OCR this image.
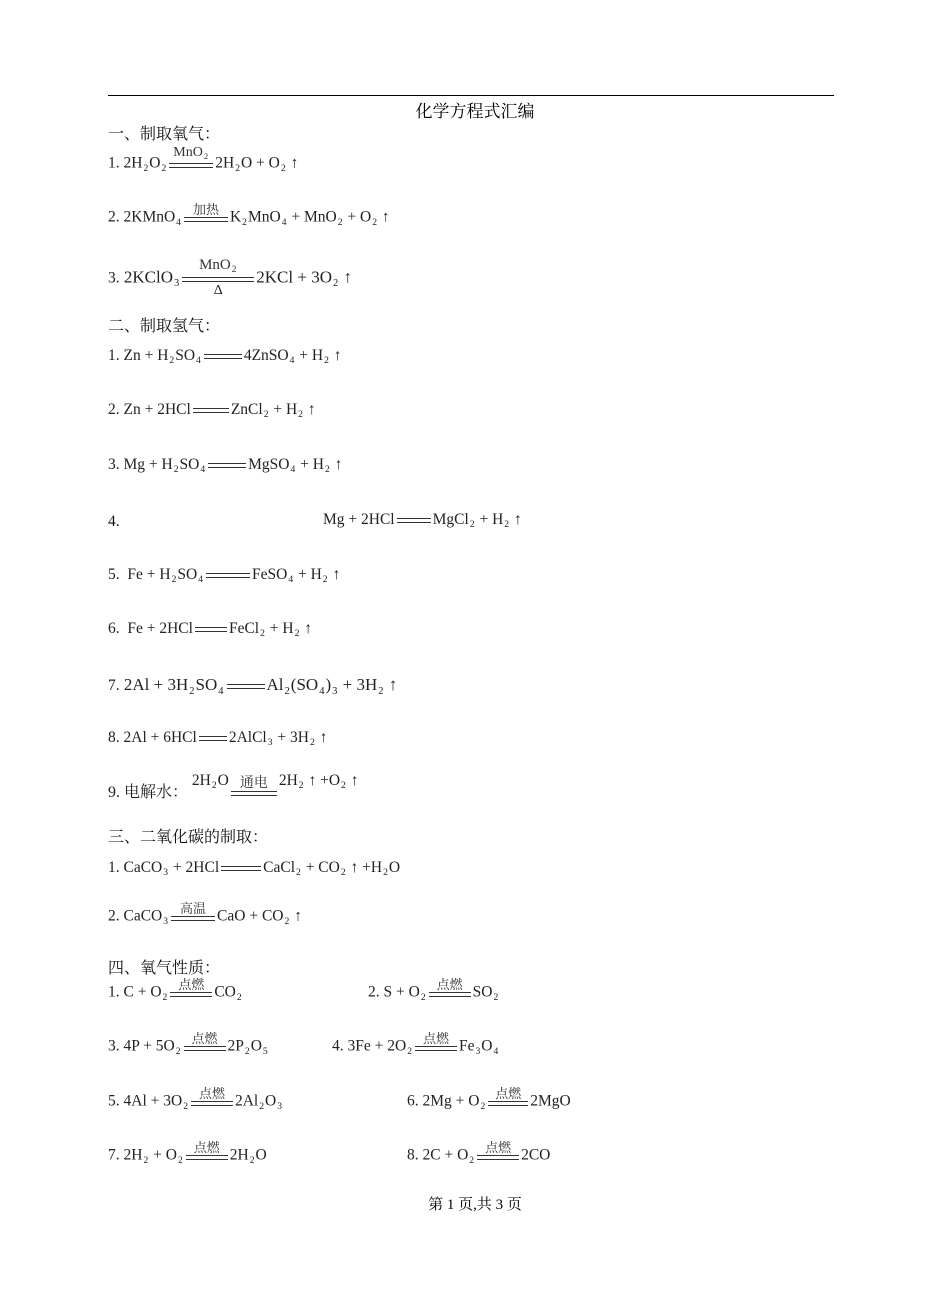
化学方程式汇编
一、制取氧气：
1. $2H_2O_2$
MnO$_2$ $2H_2O + O_2$ ↑
2. 2KMnO$_4$
加热 $K_2MnO_4 + MnO_2 + O_2$ ↑
3. 2KClO$_3$
MnO$_2$
Δ
$2KCl + 3O_2$ ↑
二、制取氢气：
1. $Zn + H_2SO_4$	4ZnSO$_4$ + $H_2$ ↑
2. Zn + 2HCl	ZnCl$_2$ + $H_2$ ↑
3. $Mg + H_2SO_4$	MgSO$_4$ + $H_2$ ↑
4.	Mg + 2HCl MgCl$_2$ + $H_2$ ↑
5.  $Fe + H_2SO_4$	FeSO$_4$ + $H_2$ ↑
6.  Fe + 2HCl FeCl$_2$ + $H_2$ ↑
7. $2Al + 3H_2SO_4$	$Al_2(SO_4)_3 + 3H_2$ ↑
8. 2Al + 6HCl 2AlCl$_3$ + $3H_2$ ↑
9. 电解水： $2H_2O$ 通电 $2H_2$ ↑ $+O_2$ ↑
三、二氧化碳的制取：
1. CaCO$_3$ + 2HCl	CaCl$_2$ + $CO_2$ ↑ $+H_2O$
2. CaCO$_3$
高温 CaO + $CO_2$ ↑
四、氧气性质：
1. $C + O_2$
点燃 $CO_2$	2. $S + O_2$
点燃 $SO_2$
3. $4P + 5O_2$
点燃 $2P_2O_5$	4. $3Fe + 2O_2$
点燃 $Fe_3O_4$
5. $4Al + 3O_2$
点燃 $2Al_2O_3$	6. $2Mg + O_2$
点燃 2MgO
7. $2H_2 + O_2$
点燃 $2H_2O$	8. $2C + O_2$
点燃 2CO
第 1 页,共 3 页
